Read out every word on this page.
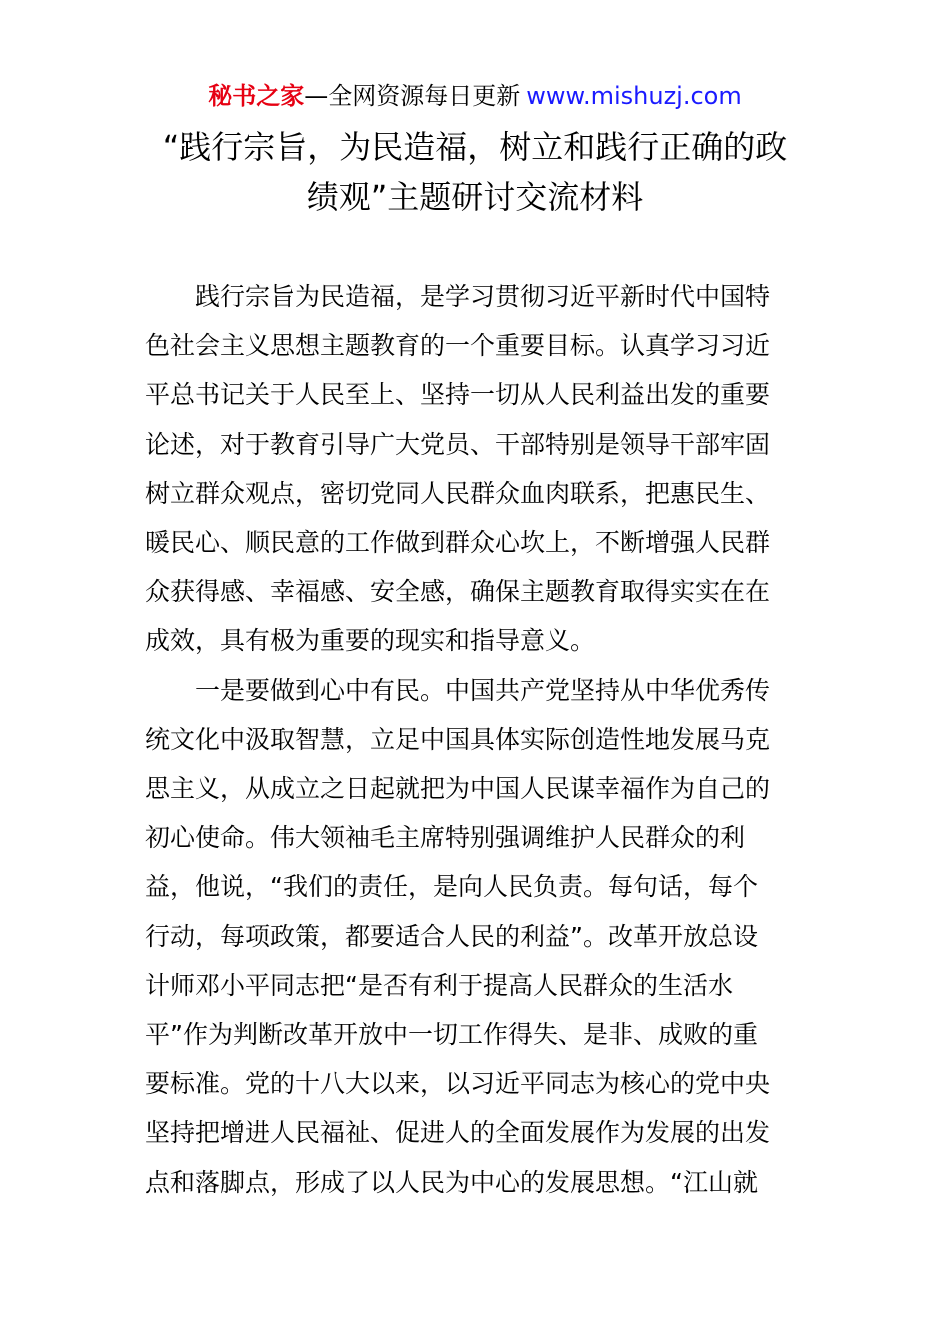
秘书之家—全网资源每日更新 www.mishuzj.com
“践行宗旨，为民造福，树立和践行正确的政
绩观”主题研讨交流材料

　　践行宗旨为民造福，是学习贯彻习近平新时代中国特
色社会主义思想主题教育的一个重要目标。认真学习习近
平总书记关于人民至上、坚持一切从人民利益出发的重要
论述，对于教育引导广大党员、干部特别是领导干部牢固
树立群众观点，密切党同人民群众血肉联系，把惠民生、
暖民心、顺民意的工作做到群众心坎上，不断增强人民群
众获得感、幸福感、安全感，确保主题教育取得实实在在
成效，具有极为重要的现实和指导意义。

　　一是要做到心中有民。中国共产党坚持从中华优秀传
统文化中汲取智慧，立足中国具体实际创造性地发展马克
思主义，从成立之日起就把为中国人民谋幸福作为自己的
初心使命。伟大领袖毛主席特别强调维护人民群众的利
益，他说，“我们的责任，是向人民负责。每句话，每个
行动，每项政策，都要适合人民的利益”。改革开放总设
计师邓小平同志把“是否有利于提高人民群众的生活水
平”作为判断改革开放中一切工作得失、是非、成败的重
要标准。党的十八大以来，以习近平同志为核心的党中央
坚持把增进人民福祉、促进人的全面发展作为发展的出发
点和落脚点，形成了以人民为中心的发展思想。“江山就
